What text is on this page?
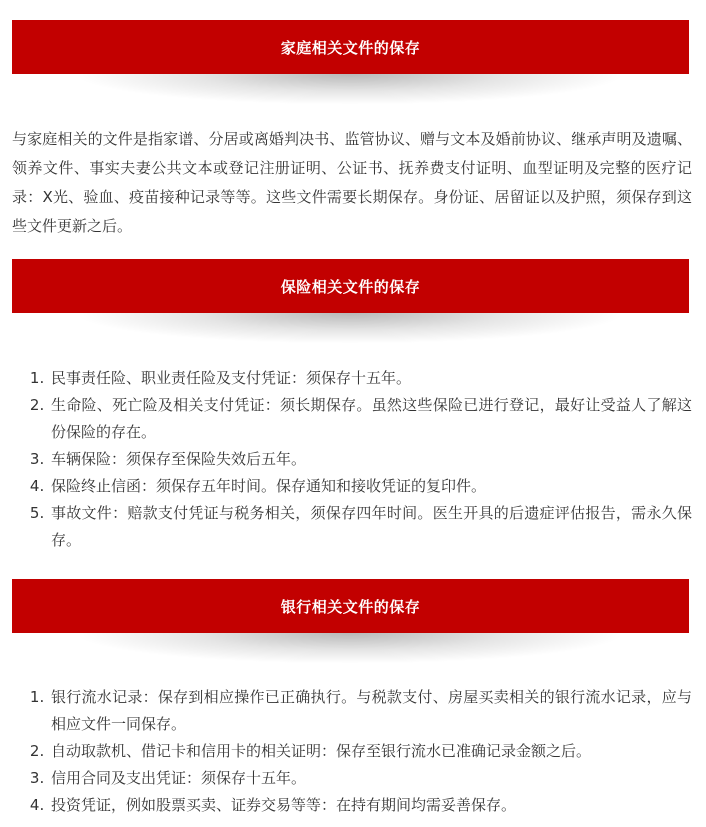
家庭相关文件的保存

与家庭相关的文件是指家谱、分居或离婚判决书、监管协议、赠与文本及婚前协议、继承声明及遗嘱、领养文件、事实夫妻公共文本或登记注册证明、公证书、抚养费支付证明、血型证明及完整的医疗记录：X光、验血、疫苗接种记录等等。这些文件需要长期保存。身份证、居留证以及护照，须保存到这些文件更新之后。

保险相关文件的保存
1. 民事责任险、职业责任险及支付凭证：须保存十五年。
2. 生命险、死亡险及相关支付凭证：须长期保存。虽然这些保险已进行登记，最好让受益人了解这份保险的存在。
3. 车辆保险：须保存至保险失效后五年。
4. 保险终止信函：须保存五年时间。保存通知和接收凭证的复印件。
5. 事故文件：赔款支付凭证与税务相关，须保存四年时间。医生开具的后遗症评估报告，需永久保存。
银行相关文件的保存
1. 银行流水记录：保存到相应操作已正确执行。与税款支付、房屋买卖相关的银行流水记录，应与相应文件一同保存。
2. 自动取款机、借记卡和信用卡的相关证明：保存至银行流水已准确记录金额之后。
3. 信用合同及支出凭证：须保存十五年。
4. 投资凭证，例如股票买卖、证券交易等等：在持有期间均需妥善保存。
